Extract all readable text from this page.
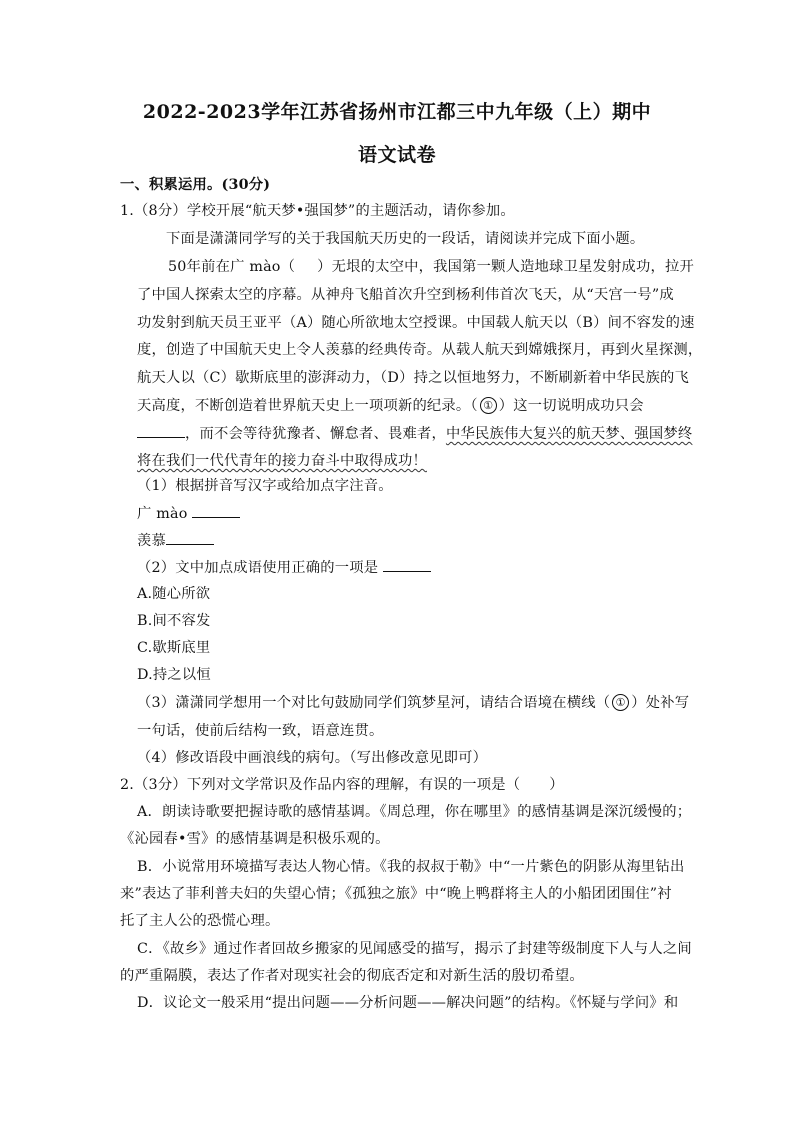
2022-2023学年江苏省扬州市江都三中九年级（上）期中
语文试卷
一、积累运用。(30分)
1.（8分）学校开展“航天梦•强国梦”的主题活动，请你参加。
下面是潇潇同学写的关于我国航天历史的一段话，请阅读并完成下面小题。
50年前在广 mào（ ）无垠的太空中，我国第一颗人造地球卫星发射成功，拉开
了中国人探索太空的序幕。从神舟飞船首次升空到杨利伟首次飞天，从“天宫一号”成
功发射到航天员王亚平（A）随心所欲地太空授课。中国载人航天以（B）间不容发的速
度，创造了中国航天史上令人羡慕的经典传奇。从载人航天到嫦娥探月，再到火星探测，
航天人以（C）歇斯底里的澎湃动力，（D）持之以恒地努力，不断刷新着中华民族的飞
天高度，不断创造着世界航天史上一项项新的纪录。（ ① ）这一切说明成功只会
，而不会等待犹豫者、懈怠者、畏难者，中华民族伟大复兴的航天梦、强国梦终
将在我们一代代青年的接力奋斗中取得成功！
（1）根据拼音写汉字或给加点字注音。
广 mào
羡慕
（2）文中加点成语使用正确的一项是
A.随心所欲
B.间不容发
C.歇斯底里
D.持之以恒
（3）潇潇同学想用一个对比句鼓励同学们筑梦星河，请结合语境在横线（ ① ）处补写
一句话，使前后结构一致，语意连贯。
（4）修改语段中画浪线的病句。（写出修改意见即可）
2.（3分）下列对文学常识及作品内容的理解，有误的一项是（　　）
A．朗读诗歌要把握诗歌的感情基调。《周总理，你在哪里》的感情基调是深沉缓慢的；
《沁园春•雪》的感情基调是积极乐观的。
B．小说常用环境描写表达人物心情。《我的叔叔于勒》中“一片紫色的阴影从海里钻出
来”表达了菲利普夫妇的失望心情；《孤独之旅》中“晚上鸭群将主人的小船团团围住”衬
托了主人公的恐慌心理。
C．《故乡》通过作者回故乡搬家的见闻感受的描写，揭示了封建等级制度下人与人之间
的严重隔膜，表达了作者对现实社会的彻底否定和对新生活的殷切希望。
D．议论文一般采用“提出问题——分析问题——解决问题”的结构。《怀疑与学问》和
